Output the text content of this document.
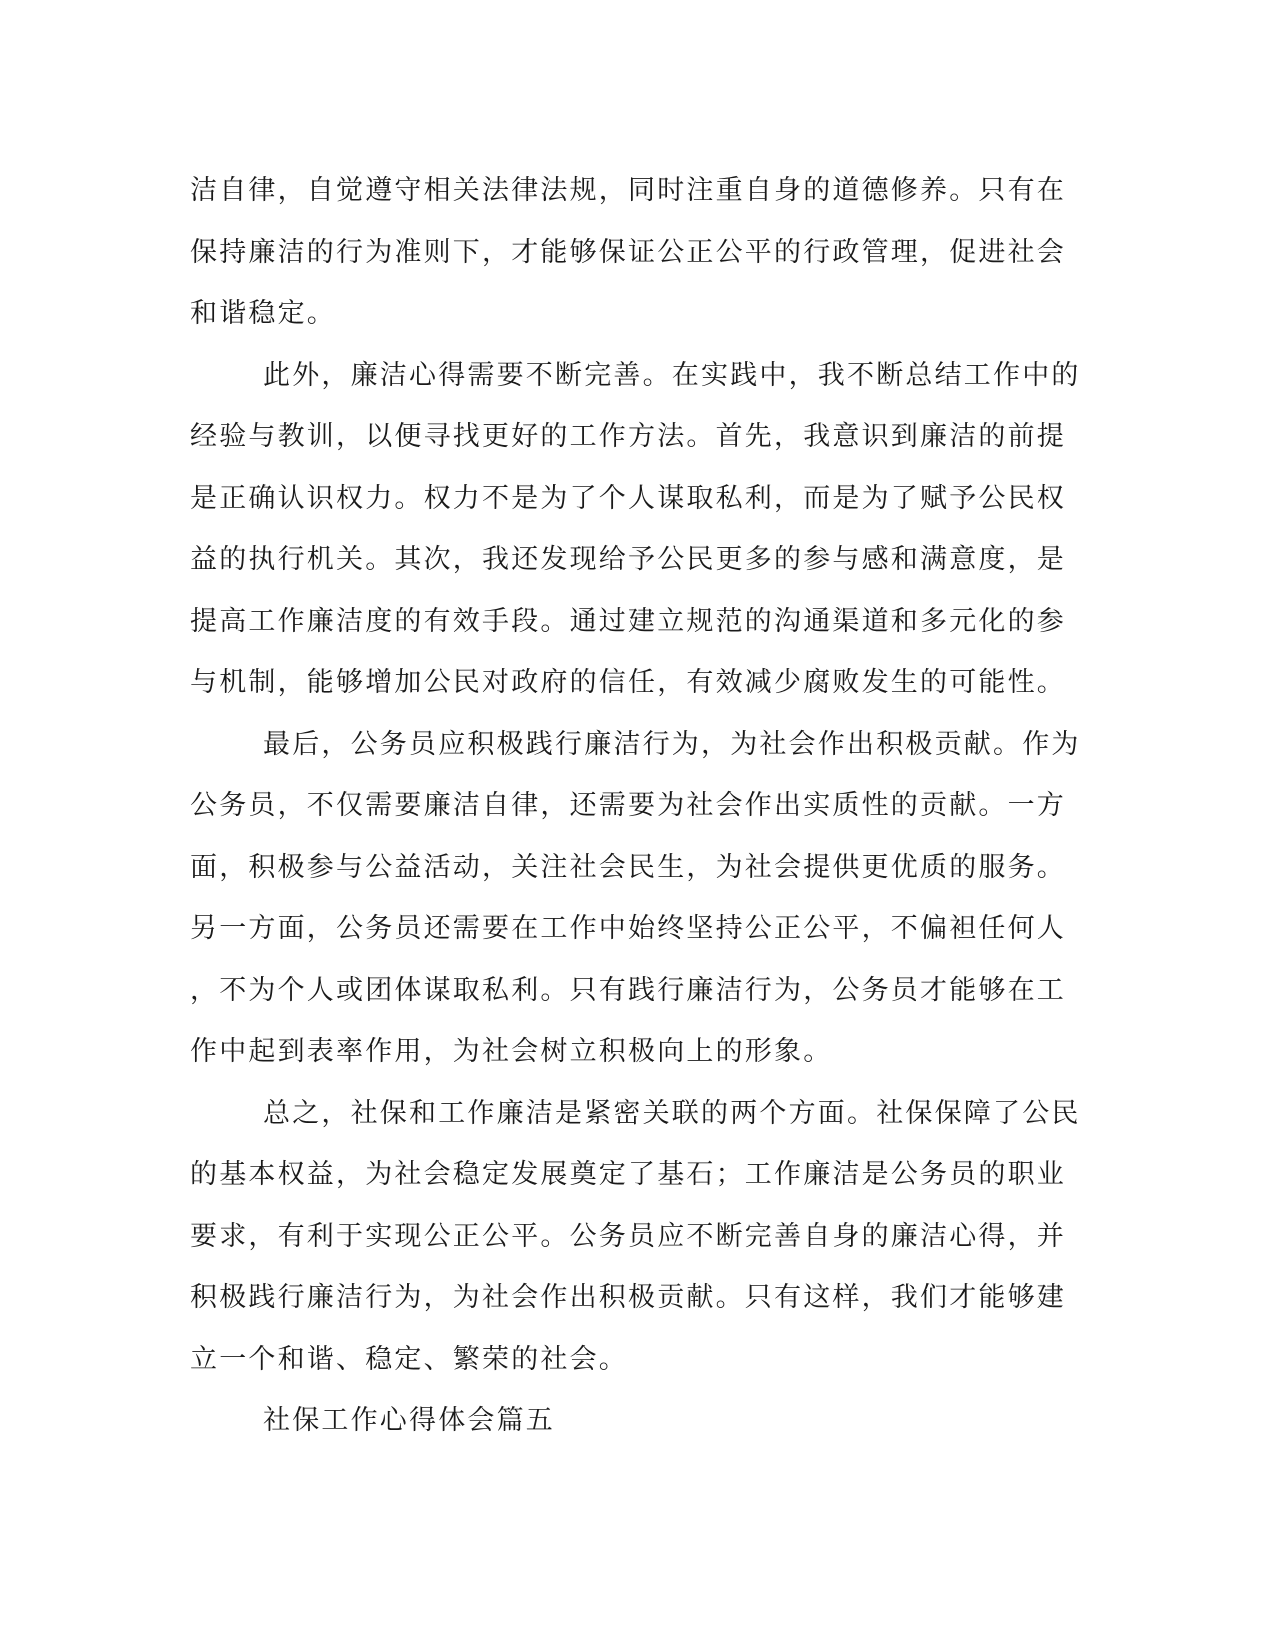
洁自律，自觉遵守相关法律法规，同时注重自身的道德修养。只有在
保持廉洁的行为准则下，才能够保证公正公平的行政管理，促进社会
和谐稳定。
此外，廉洁心得需要不断完善。在实践中，我不断总结工作中的
经验与教训，以便寻找更好的工作方法。首先，我意识到廉洁的前提
是正确认识权力。权力不是为了个人谋取私利，而是为了赋予公民权
益的执行机关。其次，我还发现给予公民更多的参与感和满意度，是
提高工作廉洁度的有效手段。通过建立规范的沟通渠道和多元化的参
与机制，能够增加公民对政府的信任，有效减少腐败发生的可能性。
最后，公务员应积极践行廉洁行为，为社会作出积极贡献。作为
公务员，不仅需要廉洁自律，还需要为社会作出实质性的贡献。一方
面，积极参与公益活动，关注社会民生，为社会提供更优质的服务。
另一方面，公务员还需要在工作中始终坚持公正公平，不偏袒任何人
，不为个人或团体谋取私利。只有践行廉洁行为，公务员才能够在工
作中起到表率作用，为社会树立积极向上的形象。
总之，社保和工作廉洁是紧密关联的两个方面。社保保障了公民
的基本权益，为社会稳定发展奠定了基石；工作廉洁是公务员的职业
要求，有利于实现公正公平。公务员应不断完善自身的廉洁心得，并
积极践行廉洁行为，为社会作出积极贡献。只有这样，我们才能够建
立一个和谐、稳定、繁荣的社会。
社保工作心得体会篇五
